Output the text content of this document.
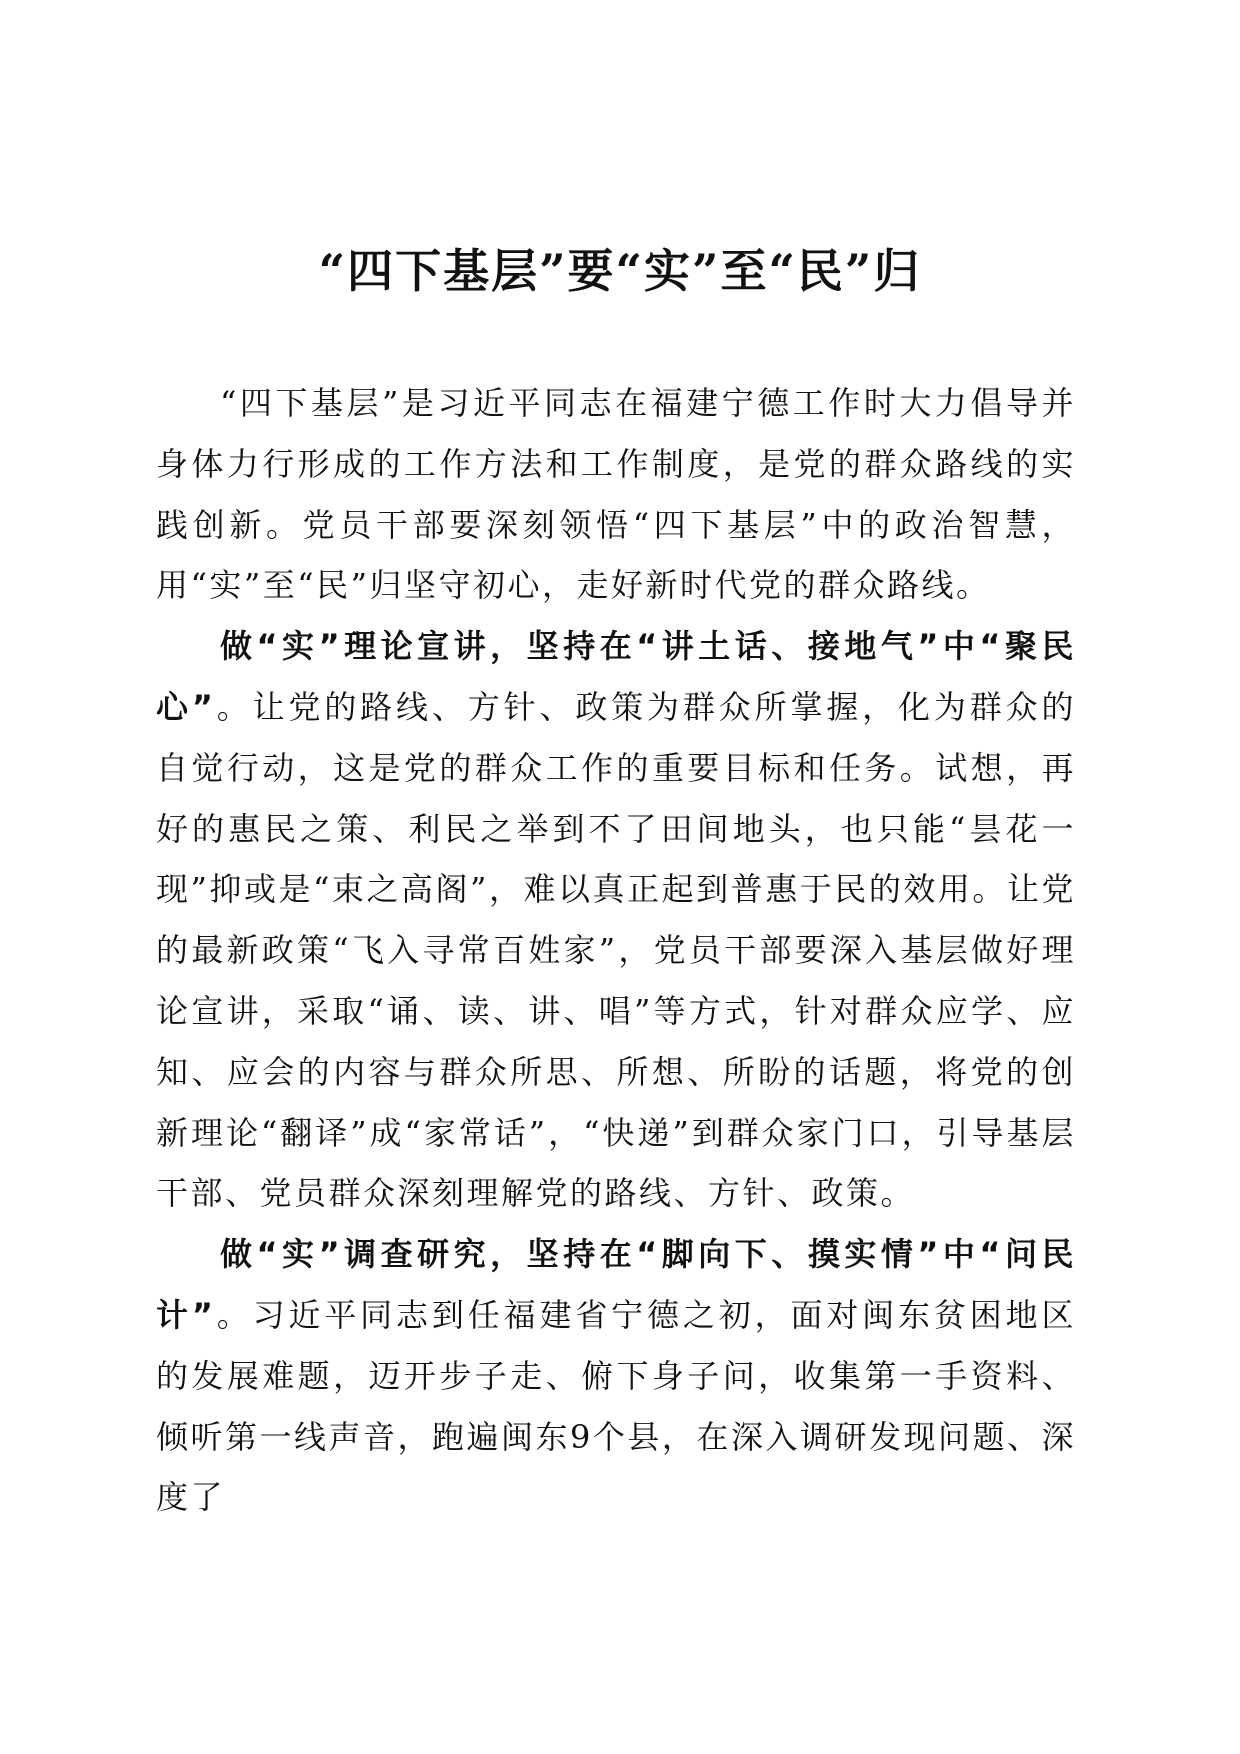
“四下基层”要“实”至“民”归

“四下基层”是习近平同志在福建宁德工作时大力倡导并身体力行形成的工作方法和工作制度，是党的群众路线的实践创新。党员干部要深刻领悟“四下基层”中的政治智慧，用“实”至“民”归坚守初心，走好新时代党的群众路线。

做“实”理论宣讲，坚持在“讲土话、接地气”中“聚民心”。让党的路线、方针、政策为群众所掌握，化为群众的自觉行动，这是党的群众工作的重要目标和任务。试想，再好的惠民之策、利民之举到不了田间地头，也只能“昙花一现”抑或是“束之高阁”，难以真正起到普惠于民的效用。让党的最新政策“飞入寻常百姓家”，党员干部要深入基层做好理论宣讲，采取“诵、读、讲、唱”等方式，针对群众应学、应知、应会的内容与群众所思、所想、所盼的话题，将党的创新理论“翻译”成“家常话”，“快递”到群众家门口，引导基层干部、党员群众深刻理解党的路线、方针、政策。

做“实”调查研究，坚持在“脚向下、摸实情”中“问民计”。习近平同志到任福建省宁德之初，面对闽东贫困地区的发展难题，迈开步子走、俯下身子问，收集第一手资料、倾听第一线声音，跑遍闽东9个县，在深入调研发现问题、深度了
